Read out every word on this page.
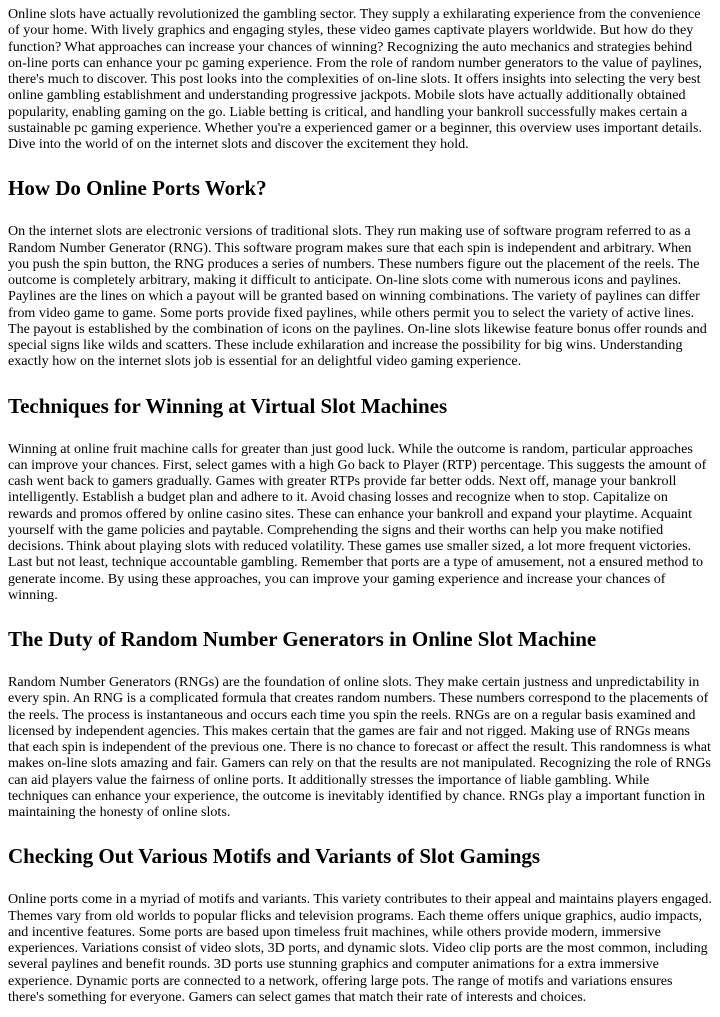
Online slots have actually revolutionized the gambling sector. They supply a exhilarating experience from the convenience of your home. With lively graphics and engaging styles, these video games captivate players worldwide. But how do they function? What approaches can increase your chances of winning? Recognizing the auto mechanics and strategies behind on-line ports can enhance your pc gaming experience. From the role of random number generators to the value of paylines, there's much to discover. This post looks into the complexities of on-line slots. It offers insights into selecting the very best online gambling establishment and understanding progressive jackpots. Mobile slots have actually additionally obtained popularity, enabling gaming on the go. Liable betting is critical, and handling your bankroll successfully makes certain a sustainable pc gaming experience. Whether you're a experienced gamer or a beginner, this overview uses important details. Dive into the world of on the internet slots and discover the excitement they hold.

How Do Online Ports Work?

On the internet slots are electronic versions of traditional slots. They run making use of software program referred to as a Random Number Generator (RNG). This software program makes sure that each spin is independent and arbitrary. When you push the spin button, the RNG produces a series of numbers. These numbers figure out the placement of the reels. The outcome is completely arbitrary, making it difficult to anticipate. On-line slots come with numerous icons and paylines. Paylines are the lines on which a payout will be granted based on winning combinations. The variety of paylines can differ from video game to game. Some ports provide fixed paylines, while others permit you to select the variety of active lines. The payout is established by the combination of icons on the paylines. On-line slots likewise feature bonus offer rounds and special signs like wilds and scatters. These include exhilaration and increase the possibility for big wins. Understanding exactly how on the internet slots job is essential for an delightful video gaming experience.

Techniques for Winning at Virtual Slot Machines

Winning at online fruit machine calls for greater than just good luck. While the outcome is random, particular approaches can improve your chances. First, select games with a high Go back to Player (RTP) percentage. This suggests the amount of cash went back to gamers gradually. Games with greater RTPs provide far better odds. Next off, manage your bankroll intelligently. Establish a budget plan and adhere to it. Avoid chasing losses and recognize when to stop. Capitalize on rewards and promos offered by online casino sites. These can enhance your bankroll and expand your playtime. Acquaint yourself with the game policies and paytable. Comprehending the signs and their worths can help you make notified decisions. Think about playing slots with reduced volatility. These games use smaller sized, a lot more frequent victories. Last but not least, technique accountable gambling. Remember that ports are a type of amusement, not a ensured method to generate income. By using these approaches, you can improve your gaming experience and increase your chances of winning.

The Duty of Random Number Generators in Online Slot Machine

Random Number Generators (RNGs) are the foundation of online slots. They make certain justness and unpredictability in every spin. An RNG is a complicated formula that creates random numbers. These numbers correspond to the placements of the reels. The process is instantaneous and occurs each time you spin the reels. RNGs are on a regular basis examined and licensed by independent agencies. This makes certain that the games are fair and not rigged. Making use of RNGs means that each spin is independent of the previous one. There is no chance to forecast or affect the result. This randomness is what makes on-line slots amazing and fair. Gamers can rely on that the results are not manipulated. Recognizing the role of RNGs can aid players value the fairness of online ports. It additionally stresses the importance of liable gambling. While techniques can enhance your experience, the outcome is inevitably identified by chance. RNGs play a important function in maintaining the honesty of online slots.

Checking Out Various Motifs and Variants of Slot Gamings

Online ports come in a myriad of motifs and variants. This variety contributes to their appeal and maintains players engaged. Themes vary from old worlds to popular flicks and television programs. Each theme offers unique graphics, audio impacts, and incentive features. Some ports are based upon timeless fruit machines, while others provide modern, immersive experiences. Variations consist of video slots, 3D ports, and dynamic slots. Video clip ports are the most common, including several paylines and benefit rounds. 3D ports use stunning graphics and computer animations for a extra immersive experience. Dynamic ports are connected to a network, offering large pots. The range of motifs and variations ensures there's something for everyone. Gamers can select games that match their rate of interests and choices.
